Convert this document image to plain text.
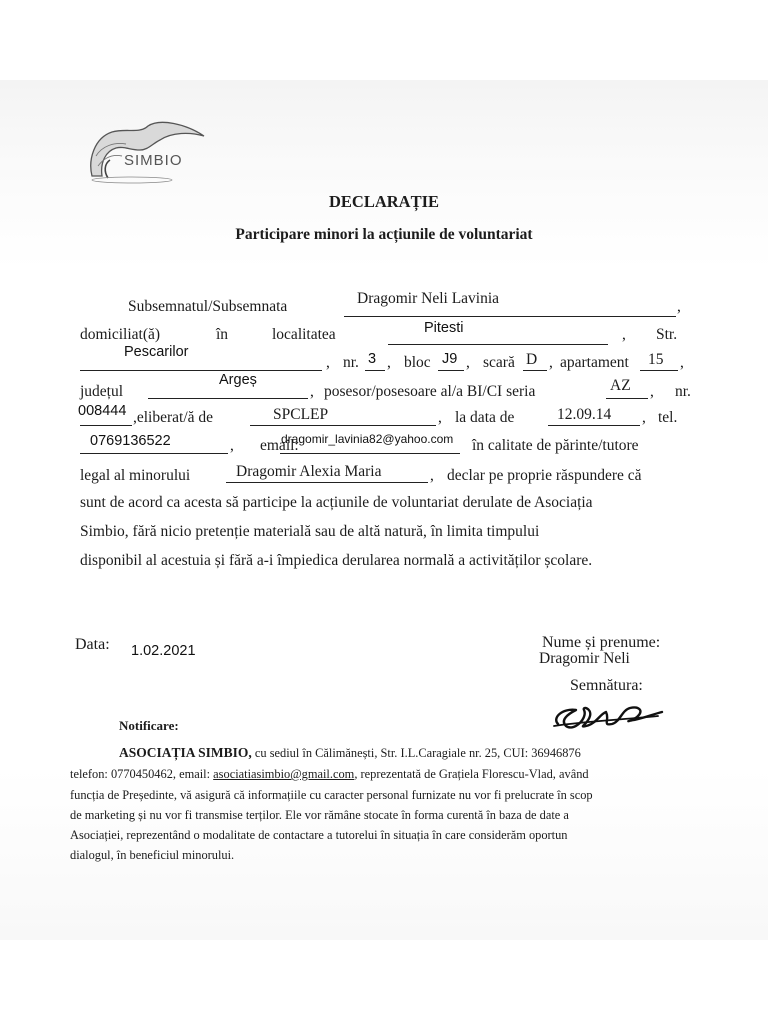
SIMBIO
DECLARAȚIE
Participare minori la acțiunile de voluntariat
Subsemnatul/Subsemnata	Dragomir Neli Lavinia	,
domiciliat(ă)	în	localitatea	Pitesti	, Str.
Pescarilor
, nr. 3 , bloc J9 , scară D , apartament 15 ,
județul
Argeș
, posesor/posesoare al/a BI/CI seria	AZ , nr.
008444 ,eliberat/ă de	SPCLEP	, la data de	12.09.14 , tel.
0769136522	, email:
dragomir_lavinia82@yahoo.com în calitate de părinte/tutore
legal al minorului	Dragomir Alexia Maria	, declar pe proprie răspundere că
sunt de acord ca acesta să participe la acțiunile de voluntariat derulate de Asociația
Simbio, fără nicio pretenție materială sau de altă natură, în limita timpului
disponibil al acestuia și fără a-i împiedica derularea normală a activităților școlare.
Data: 1.02.2021	Nume și prenume:
Dragomir Neli
Semnătura:
Notificare:
ASOCIAȚIA SIMBIO, cu sediul în Călimănești, Str. I.L.Caragiale nr. 25, CUI: 36946876
telefon: 0770450462, email: asociatiasimbio@gmail.com, reprezentată de Grațiela Florescu-Vlad, având
funcția de Președinte, vă asigură că informațiile cu caracter personal furnizate nu vor fi prelucrate în scop
de marketing și nu vor fi transmise terților. Ele vor rămâne stocate în forma curentă în baza de date a
Asociației, reprezentând o modalitate de contactare a tutorelui în situația în care considerăm oportun
dialogul, în beneficiul minorului.
